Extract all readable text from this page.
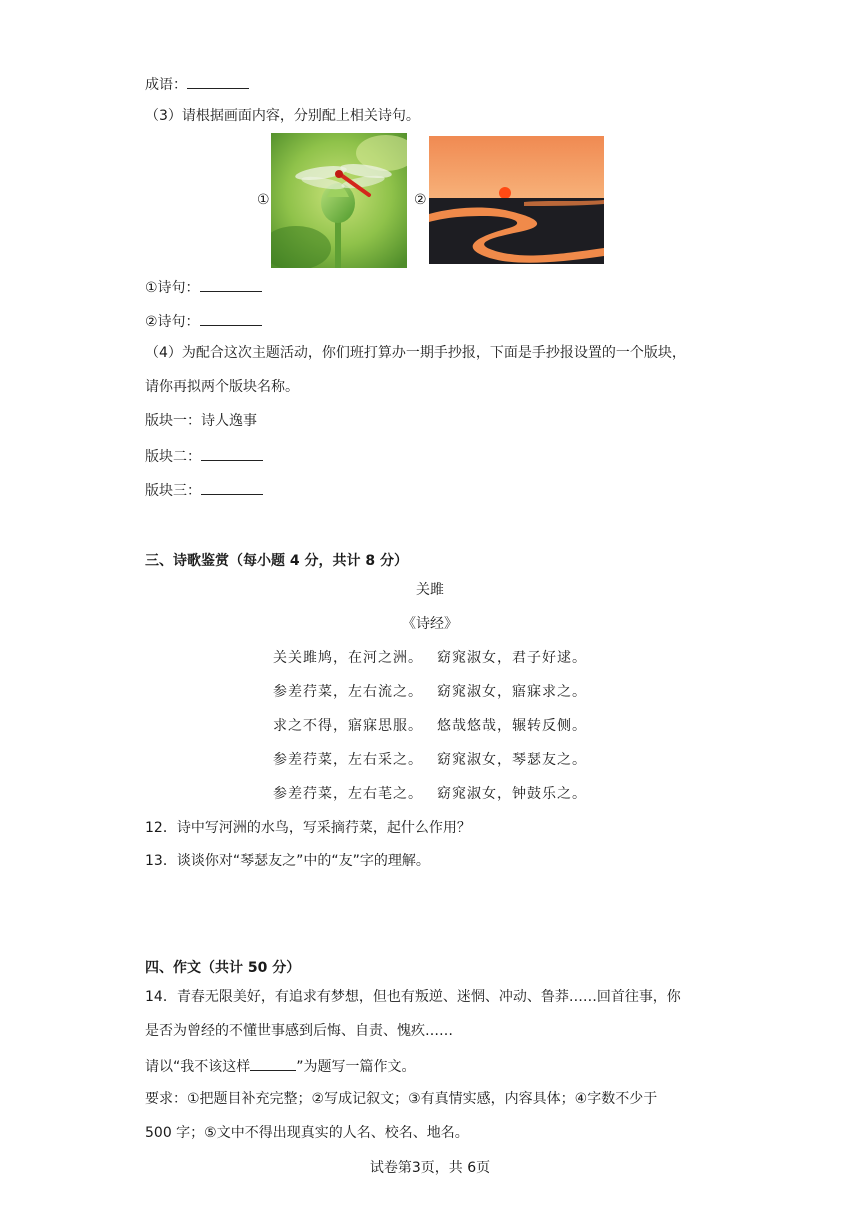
成语：
（3）请根据画面内容，分别配上相关诗句。
①	②
①诗句：
②诗句：
（4）为配合这次主题活动，你们班打算办一期手抄报，下面是手抄报设置的一个版块，
请你再拟两个版块名称。
版块一：诗人逸事
版块二：
版块三：
三、诗歌鉴赏（每小题 4 分，共计 8 分）
关雎
《诗经》
关关雎鸠，在河之洲。 窈窕淑女，君子好逑。
参差荇菜，左右流之。 窈窕淑女，寤寐求之。
求之不得，寤寐思服。 悠哉悠哉，辗转反侧。
参差荇菜，左右采之。 窈窕淑女，琴瑟友之。
参差荇菜，左右芼之。 窈窕淑女，钟鼓乐之。
12．诗中写河洲的水鸟，写采摘荇菜，起什么作用？
13．谈谈你对“琴瑟友之”中的“友”字的理解。
四、作文（共计 50 分）
14．青春无限美好，有追求有梦想，但也有叛逆、迷惘、冲动、鲁莽……回首往事，你
是否为曾经的不懂世事感到后悔、自责、愧疚……
请以“我不该这样	”为题写一篇作文。
要求：①把题目补充完整；②写成记叙文；③有真情实感，内容具体；④字数不少于
500 字；⑤文中不得出现真实的人名、校名、地名。
试卷第3页，共 6页
